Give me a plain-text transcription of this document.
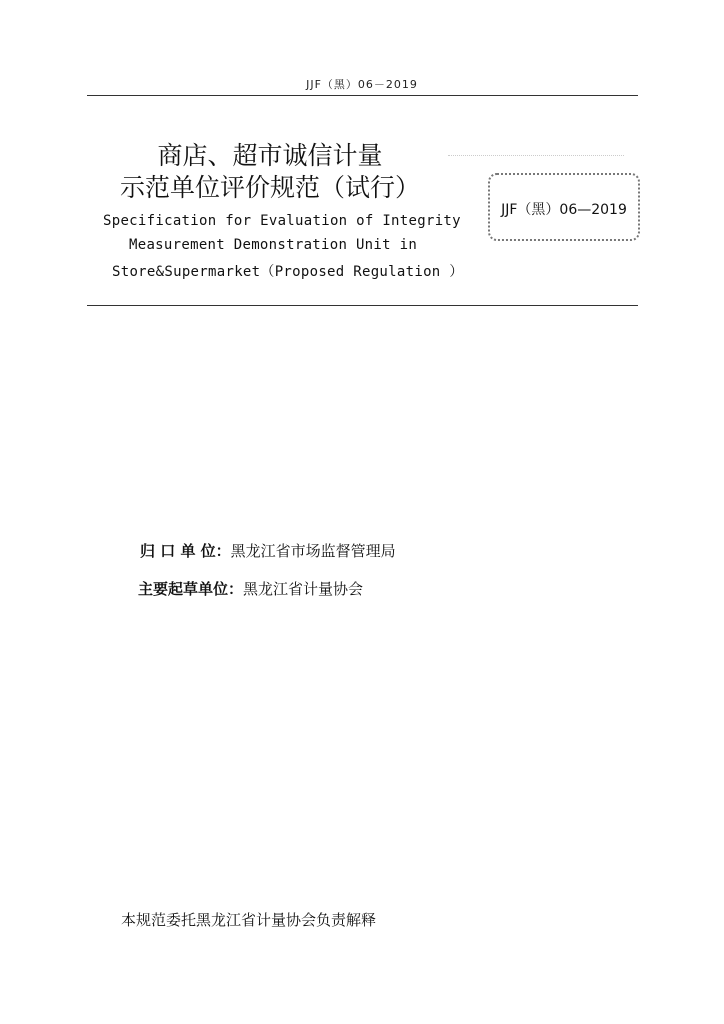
JJF（黑）06－2019
商店、超市诚信计量
示范单位评价规范（试行）
Specification for Evaluation of Integrity
Measurement Demonstration Unit in
Store&Supermarket（Proposed Regulation ）
JJF（黑）06—2019
归 口 单 位：黑龙江省市场监督管理局
主要起草单位：黑龙江省计量协会
本规范委托黑龙江省计量协会负责解释
